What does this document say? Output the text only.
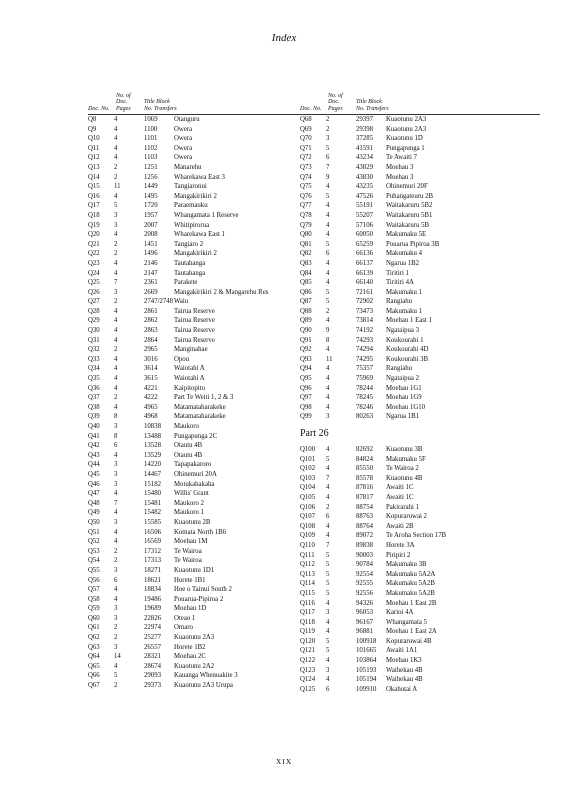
Index
Doc. No.
No. of Doc. Pages
Title Block No. Transfers
Q8	4	1069	Otanguru
Q9	4	1100	Owera
Q10	4	1101	Owera
Q11	4	1102	Owera
Q12	4	1103	Owera
Q13	2	1251	Manarehu
Q14	2	1256	Wharekawa East 3
Q15	11	1449	Tangiaronui
Q16	4	1495	Mangakirikiri 2
Q17	5	1720	Paraemauku
Q18	3	1957	Whangamata 1 Reserve
Q19	3	2007	Whitipirorua
Q20	4	2008	Wharekawa East 1
Q21	2	1451	Tangiaro 2
Q22	2	1496	Mangakirikiri 2
Q23	4	2146	Tautahanga
Q24	4	2147	Tautahanga
Q25	7	2361	Parakete
Q26	3	2669	Mangakirikiri 2 & Mangarehu Res
Q27	2	2747/2748 Waiu
Q28	4	2861	Tairua Reserve
Q29	4	2862	Tairua Reserve
Q30	4	2863	Tairua Reserve
Q31	4	2864	Tairua Reserve
Q32	2	2965	Manginahae
Q33	4	3016	Opou
Q34	4	3614	Waiotahi A
Q35	4	3615	Waiotahi A
Q36	4	4221	Kaipitopito
Q37	2	4222	Part Te Weiti 1, 2 & 3
Q38	4	4965	Matamataharakeke
Q39	8	4968	Matamataharakeke
Q40	3	10838	Maukoro
Q41	8	13488	Pungapunga 2C
Q42	6	13528	Otautu 4B
Q43	4	13529	Otautu 4B
Q44	3	14220	Tapapakaroro
Q45	3	14467	Ohinemuri 20A
Q46	3	15182	Motukahakaha
Q47	4	15480	Willis' Grant
Q48	7	15481	Maukoro 2
Q49	4	15482	Maukoro 1
Q50	3	15585	Kuaotunu 2B
Q51	4	16506	Komata North 1B6
Q52	4	16569	Moehau 1M
Q53	2	17312	Te Wairoa
Q54	2	17313	Te Wairoa
Q55	3	18271	Kuaotunu 1D1
Q56	6	18621	Horete 1B1
Q57	4	18834	Hoe o Tainui South 2
Q58	4	19486	Pouarua-Pipiroa 2
Q59	3	19689	Moehau 1D
Q60	3	22826	Oteao 1
Q61	2	22974	Omaro
Q62	2	25277	Kuaotunu 2A3
Q63	3	26557	Horete 1B2
Q64	14	28321	Moehau 2C
Q65	4	28674	Kuaotunu 2A2
Q66	5	29093	Kauanga Whenuakite 3
Q67	2	29373	Kuaotunu 2A3 Urupa
Doc. No.
No. of Doc. Pages
Title Block No. Transfers
Q68	2	29397	Kuaotunu 2A3
Q69	2	29398	Kuaotunu 2A3
Q70	3	37285	Kuaotunu 1D
Q71	5	41591	Pungapunga 1
Q72	6	43234	Te Awaiti 7
Q73	7	43829	Moehau 3
Q74	9	43830	Moehau 3
Q75	4	43235	Ohinemuri 20F
Q76	5	47526	Puhangateuru 2B
Q77	4	55191	Waitakaruru 5B2
Q78	4	55207	Waitakaruru 5B1
Q79	4	57106	Waitakaruru 5B
Q80	4	60050	Makumaku 5E
Q81	5	65259	Pouarua Pipiroa 3B
Q82	6	66136	Makumaku 4
Q83	4	66137	Ngarua 1B2
Q84	4	66139	Tiritiri 1
Q85	4	66140	Tiritiri 4A
Q86	5	72161	Makumaku 1
Q87	5	72902	Rangiahu
Q88	2	73473	Makumaku 1
Q89	4	73814	Moehau 1 East 1
Q90	9	74192	Ngataipua 3
Q91	8	74293	Koukourahi 1
Q92	4	74294	Koukourahi 4D
Q93	11	74295	Koukourahi 3B
Q94	4	75357	Rangiahu
Q95	4	75969	Ngataipua 2
Q96	4	78244	Moehau 1G1
Q97	4	78245	Moehau 1G9
Q98	4	78246	Moehau 1G10
Q99	3	80263	Ngarua 1B1
Part 26
Q100	4	82692	Kuaotunu 3B
Q101	5	84824	Makumaku 5F
Q102	4	85550	Te Wairoa 2
Q103	7	85578	Kuaotunu 4B
Q104	4	87816	Awaiti 1C
Q105	4	87817	Awaiti 1C
Q106	2	88754	Pakirarahi 1
Q107	6	88763	Kopuraruwai 2
Q108	4	88764	Awaiti 2B
Q109	4	89072	Te Aroha Section 17B
Q110	7	89838	Horete 3A
Q111	5	90003	Piripiri 2
Q112	5	90784	Makumaku 3B
Q113	5	92554	Makumaku 5A2A
Q114	5	92555	Makumaku 5A2B
Q115	5	92556	Makumaku 5A2B
Q116	4	94326	Moehau 1 East 2B
Q117	3	96053	Karioi 4A
Q118	4	96167	Whangamata 5
Q119	4	96881	Moehau 1 East 2A
Q120	5	100918	Kopuraruwai 4B
Q121	5	101665	Awaiti 1A1
Q122	4	103864	Moehau 1K3
Q123	3	105193	Waihekau 4B
Q124	4	105194	Waihekau 4B
Q125	6	109910	Okahutai A
XIX
